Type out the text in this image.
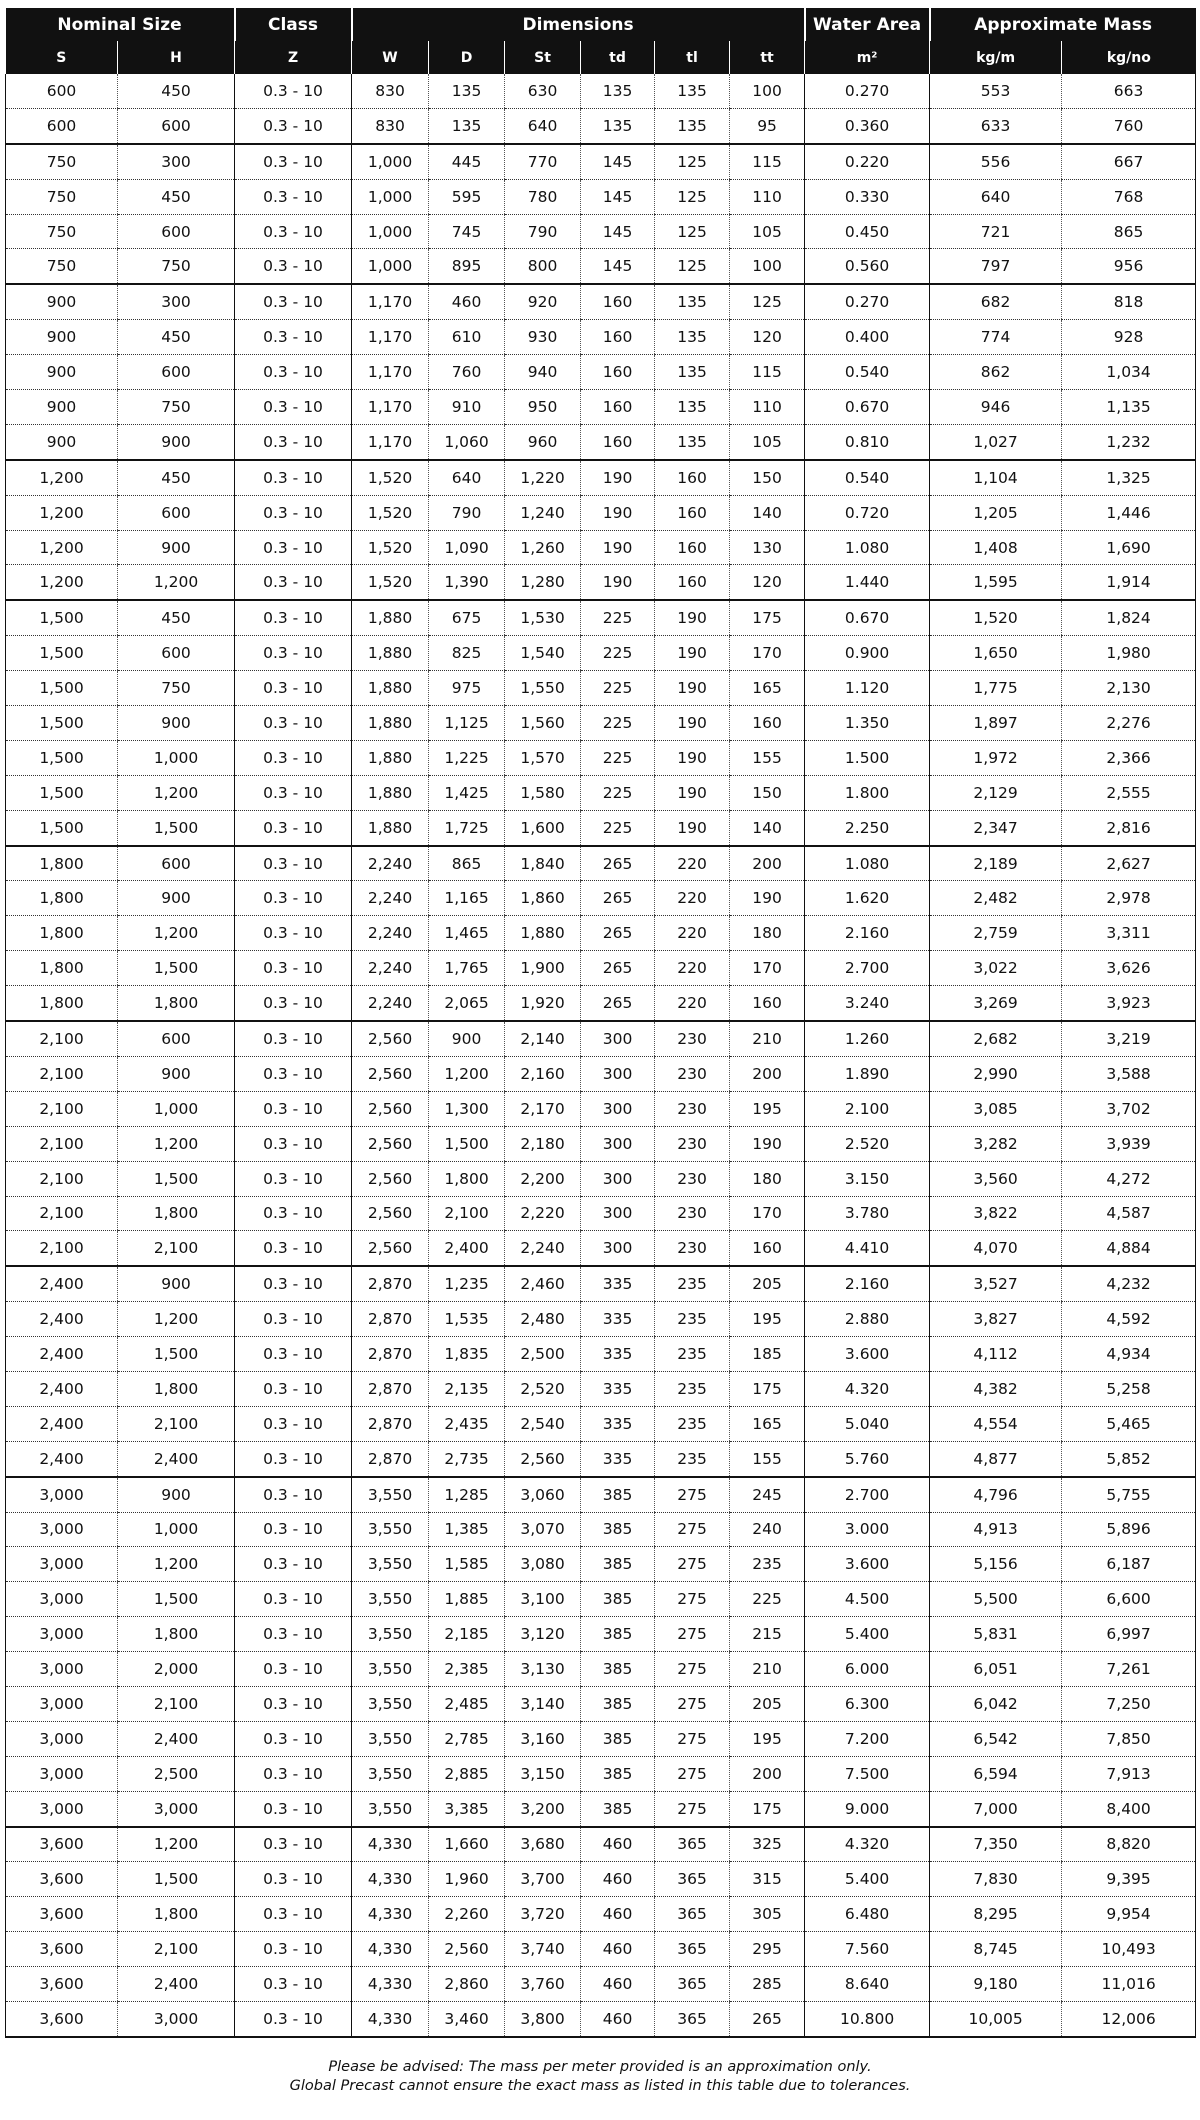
Nominal Size		Class	Dimensions						Water Area	Approximate Mass	
S	H	Z	W	D	St	td	tl	tt	m²	kg/m	kg/no
600	450	0.3 - 10	830	135	630	135	135	100	0.270	553	663
600	600	0.3 - 10	830	135	640	135	135	95	0.360	633	760
750	300	0.3 - 10	1,000	445	770	145	125	115	0.220	556	667
750	450	0.3 - 10	1,000	595	780	145	125	110	0.330	640	768
750	600	0.3 - 10	1,000	745	790	145	125	105	0.450	721	865
750	750	0.3 - 10	1,000	895	800	145	125	100	0.560	797	956
900	300	0.3 - 10	1,170	460	920	160	135	125	0.270	682	818
900	450	0.3 - 10	1,170	610	930	160	135	120	0.400	774	928
900	600	0.3 - 10	1,170	760	940	160	135	115	0.540	862	1,034
900	750	0.3 - 10	1,170	910	950	160	135	110	0.670	946	1,135
900	900	0.3 - 10	1,170	1,060	960	160	135	105	0.810	1,027	1,232
1,200	450	0.3 - 10	1,520	640	1,220	190	160	150	0.540	1,104	1,325
1,200	600	0.3 - 10	1,520	790	1,240	190	160	140	0.720	1,205	1,446
1,200	900	0.3 - 10	1,520	1,090	1,260	190	160	130	1.080	1,408	1,690
1,200	1,200	0.3 - 10	1,520	1,390	1,280	190	160	120	1.440	1,595	1,914
1,500	450	0.3 - 10	1,880	675	1,530	225	190	175	0.670	1,520	1,824
1,500	600	0.3 - 10	1,880	825	1,540	225	190	170	0.900	1,650	1,980
1,500	750	0.3 - 10	1,880	975	1,550	225	190	165	1.120	1,775	2,130
1,500	900	0.3 - 10	1,880	1,125	1,560	225	190	160	1.350	1,897	2,276
1,500	1,000	0.3 - 10	1,880	1,225	1,570	225	190	155	1.500	1,972	2,366
1,500	1,200	0.3 - 10	1,880	1,425	1,580	225	190	150	1.800	2,129	2,555
1,500	1,500	0.3 - 10	1,880	1,725	1,600	225	190	140	2.250	2,347	2,816
1,800	600	0.3 - 10	2,240	865	1,840	265	220	200	1.080	2,189	2,627
1,800	900	0.3 - 10	2,240	1,165	1,860	265	220	190	1.620	2,482	2,978
1,800	1,200	0.3 - 10	2,240	1,465	1,880	265	220	180	2.160	2,759	3,311
1,800	1,500	0.3 - 10	2,240	1,765	1,900	265	220	170	2.700	3,022	3,626
1,800	1,800	0.3 - 10	2,240	2,065	1,920	265	220	160	3.240	3,269	3,923
2,100	600	0.3 - 10	2,560	900	2,140	300	230	210	1.260	2,682	3,219
2,100	900	0.3 - 10	2,560	1,200	2,160	300	230	200	1.890	2,990	3,588
2,100	1,000	0.3 - 10	2,560	1,300	2,170	300	230	195	2.100	3,085	3,702
2,100	1,200	0.3 - 10	2,560	1,500	2,180	300	230	190	2.520	3,282	3,939
2,100	1,500	0.3 - 10	2,560	1,800	2,200	300	230	180	3.150	3,560	4,272
2,100	1,800	0.3 - 10	2,560	2,100	2,220	300	230	170	3.780	3,822	4,587
2,100	2,100	0.3 - 10	2,560	2,400	2,240	300	230	160	4.410	4,070	4,884
2,400	900	0.3 - 10	2,870	1,235	2,460	335	235	205	2.160	3,527	4,232
2,400	1,200	0.3 - 10	2,870	1,535	2,480	335	235	195	2.880	3,827	4,592
2,400	1,500	0.3 - 10	2,870	1,835	2,500	335	235	185	3.600	4,112	4,934
2,400	1,800	0.3 - 10	2,870	2,135	2,520	335	235	175	4.320	4,382	5,258
2,400	2,100	0.3 - 10	2,870	2,435	2,540	335	235	165	5.040	4,554	5,465
2,400	2,400	0.3 - 10	2,870	2,735	2,560	335	235	155	5.760	4,877	5,852
3,000	900	0.3 - 10	3,550	1,285	3,060	385	275	245	2.700	4,796	5,755
3,000	1,000	0.3 - 10	3,550	1,385	3,070	385	275	240	3.000	4,913	5,896
3,000	1,200	0.3 - 10	3,550	1,585	3,080	385	275	235	3.600	5,156	6,187
3,000	1,500	0.3 - 10	3,550	1,885	3,100	385	275	225	4.500	5,500	6,600
3,000	1,800	0.3 - 10	3,550	2,185	3,120	385	275	215	5.400	5,831	6,997
3,000	2,000	0.3 - 10	3,550	2,385	3,130	385	275	210	6.000	6,051	7,261
3,000	2,100	0.3 - 10	3,550	2,485	3,140	385	275	205	6.300	6,042	7,250
3,000	2,400	0.3 - 10	3,550	2,785	3,160	385	275	195	7.200	6,542	7,850
3,000	2,500	0.3 - 10	3,550	2,885	3,150	385	275	200	7.500	6,594	7,913
3,000	3,000	0.3 - 10	3,550	3,385	3,200	385	275	175	9.000	7,000	8,400
3,600	1,200	0.3 - 10	4,330	1,660	3,680	460	365	325	4.320	7,350	8,820
3,600	1,500	0.3 - 10	4,330	1,960	3,700	460	365	315	5.400	7,830	9,395
3,600	1,800	0.3 - 10	4,330	2,260	3,720	460	365	305	6.480	8,295	9,954
3,600	2,100	0.3 - 10	4,330	2,560	3,740	460	365	295	7.560	8,745	10,493
3,600	2,400	0.3 - 10	4,330	2,860	3,760	460	365	285	8.640	9,180	11,016
3,600	3,000	0.3 - 10	4,330	3,460	3,800	460	365	265	10.800	10,005	12,006
Please be advised: The mass per meter provided is an approximation only.
Global Precast cannot ensure the exact mass as listed in this table due to tolerances.
